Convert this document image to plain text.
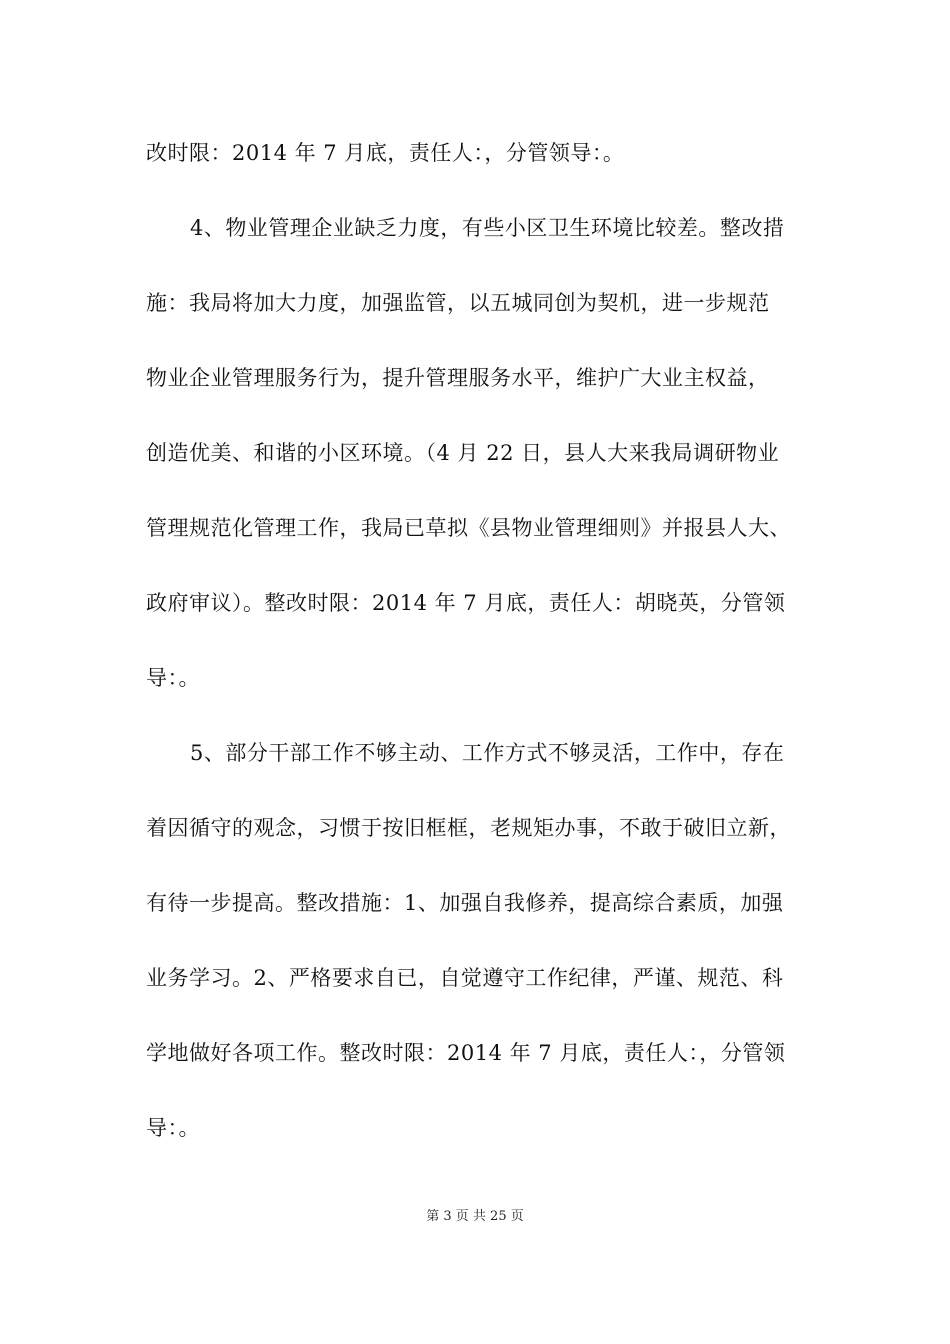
改时限：2014 年 7 月底，责任人：，分管领导：。
4、物业管理企业缺乏力度，有些小区卫生环境比较差。整改措
施：我局将加大力度，加强监管，以五城同创为契机，进一步规范
物业企业管理服务行为，提升管理服务水平，维护广大业主权益，
创造优美、和谐的小区环境。（4 月 22 日，县人大来我局调研物业
管理规范化管理工作，我局已草拟《县物业管理细则》并报县人大、
政府审议）。整改时限：2014 年 7 月底，责任人：胡晓英，分管领
导：。
5、部分干部工作不够主动、工作方式不够灵活，工作中，存在
着因循守的观念，习惯于按旧框框，老规矩办事，不敢于破旧立新，
有待一步提高。整改措施：1、加强自我修养，提高综合素质，加强
业务学习。2、严格要求自已，自觉遵守工作纪律，严谨、规范、科
学地做好各项工作。整改时限：2014 年 7 月底，责任人：，分管领
导：。
第 3 页 共 25 页
